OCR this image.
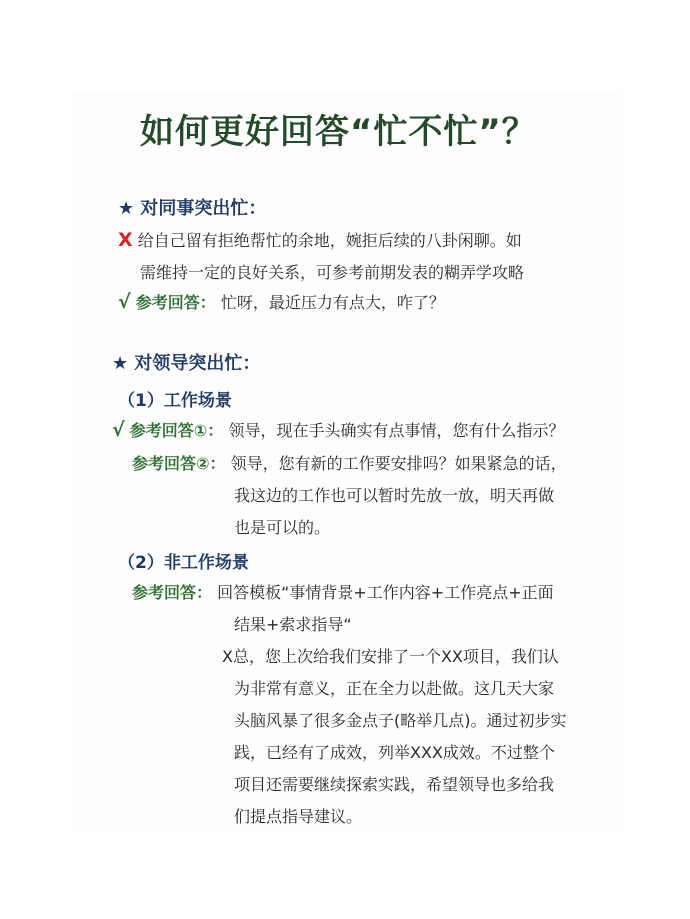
如何更好回答“忙不忙”？
★ 对同事突出忙：
X 给自己留有拒绝帮忙的余地，婉拒后续的八卦闲聊。如
需维持一定的良好关系，可参考前期发表的糊弄学攻略
√ 参考回答： 忙呀，最近压力有点大，咋了？
★ 对领导突出忙：
（1）工作场景
√ 参考回答①： 领导，现在手头确实有点事情，您有什么指示？
参考回答②： 领导，您有新的工作要安排吗？如果紧急的话，
我这边的工作也可以暂时先放一放，明天再做
也是可以的。
（2）非工作场景
参考回答： 回答模板“事情背景+工作内容+工作亮点+正面
结果+索求指导“
X总，您上次给我们安排了一个XX项目，我们认
为非常有意义，正在全力以赴做。这几天大家
头脑风暴了很多金点子(略举几点)。通过初步实
践，已经有了成效，列举XXX成效。不过整个
项目还需要继续探索实践，希望领导也多给我
们提点指导建议。
